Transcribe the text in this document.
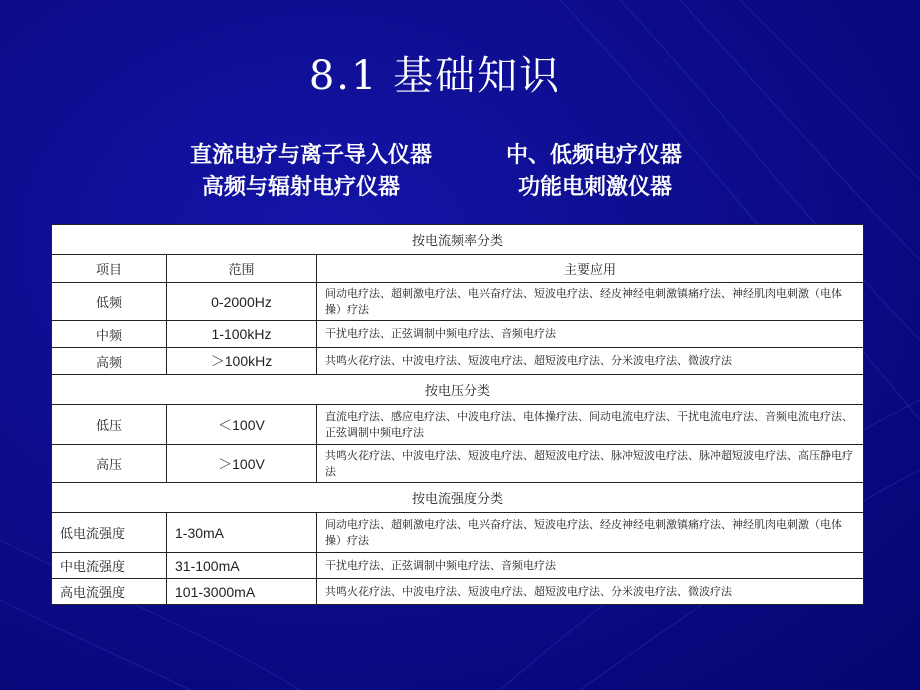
8.1 基础知识
直流电疗与离子导入仪器	中、低频电疗仪器
高频与辐射电疗仪器	功能电刺激仪器
按电流频率分类		
项目	范围	主要应用
低频	0-2000Hz	间动电疗法、超刺激电疗法、电兴奋疗法、短波电疗法、经皮神经电刺激镇痛疗法、神经肌肉电刺激（电体操）疗法
中频	1-100kHz	干扰电疗法、正弦调制中频电疗法、音频电疗法
高频	＞100kHz	共鸣火花疗法、中波电疗法、短波电疗法、超短波电疗法、分米波电疗法、微波疗法
按电压分类		
低压	＜100V	直流电疗法、感应电疗法、中波电疗法、电体操疗法、间动电流电疗法、干扰电流电疗法、音频电流电疗法、正弦调制中频电疗法
高压	＞100V	共鸣火花疗法、中波电疗法、短波电疗法、超短波电疗法、脉冲短波电疗法、脉冲超短波电疗法、高压静电疗法
按电流强度分类		
低电流强度	1-30mA	间动电疗法、超刺激电疗法、电兴奋疗法、短波电疗法、经皮神经电刺激镇痛疗法、神经肌肉电刺激（电体操）疗法
中电流强度	31-100mA	干扰电疗法、正弦调制中频电疗法、音频电疗法
高电流强度	101-3000mA	共鸣火花疗法、中波电疗法、短波电疗法、超短波电疗法、分米波电疗法、微波疗法
